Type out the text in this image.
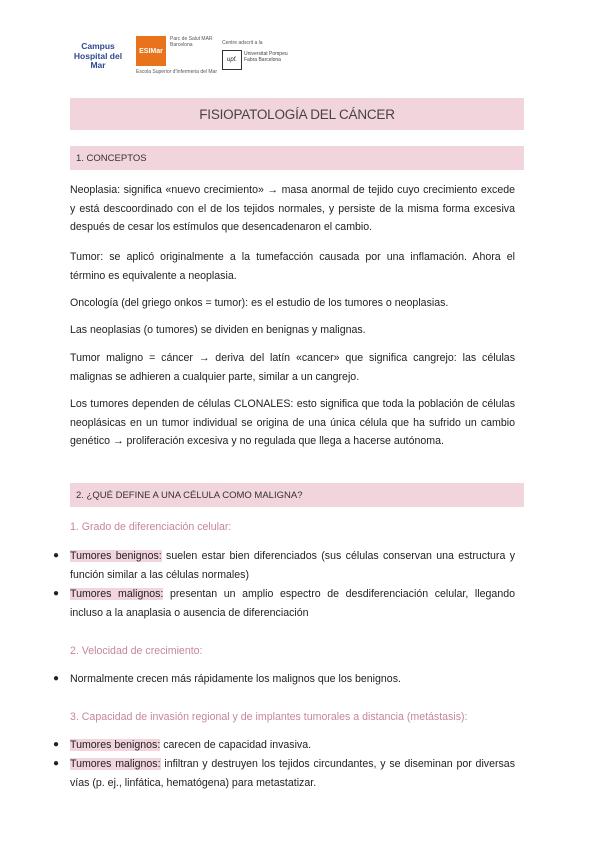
Campus Hospital del Mar
ESIMar
Parc de Salut MAR Barcelona
Escola Superior d'Infermeria del Mar
Centre adscrit a la
upf.
Universitat Pompeu Fabra Barcelona
FISIOPATOLOGÍA DEL CÁNCER
1. CONCEPTOS
Neoplasia: significa «nuevo crecimiento» → masa anormal de tejido cuyo crecimiento excede y está descoordinado con el de los tejidos normales, y persiste de la misma forma excesiva después de cesar los estímulos que desencadenaron el cambio.
Tumor: se aplicó originalmente a la tumefacción causada por una inflamación. Ahora el término es equivalente a neoplasia.
Oncología (del griego onkos = tumor): es el estudio de los tumores o neoplasias.
Las neoplasias (o tumores) se dividen en benignas y malignas.
Tumor maligno = cáncer → deriva del latín «cancer» que significa cangrejo: las células malignas se adhieren a cualquier parte, similar a un cangrejo.
Los tumores dependen de células CLONALES: esto significa que toda la población de células neoplásicas en un tumor individual se origina de una única célula que ha sufrido un cambio genético → proliferación excesiva y no regulada que llega a hacerse autónoma.
2. ¿QUÉ DEFINE A UNA CÉLULA COMO MALIGNA?
1. Grado de diferenciación celular:
● Tumores benignos: suelen estar bien diferenciados (sus células conservan una estructura y función similar a las células normales)
● Tumores malignos: presentan un amplio espectro de desdiferenciación celular, llegando incluso a la anaplasia o ausencia de diferenciación
2. Velocidad de crecimiento:
● Normalmente crecen más rápidamente los malignos que los benignos.
3. Capacidad de invasión regional y de implantes tumorales a distancia (metástasis):
● Tumores benignos: carecen de capacidad invasiva.
● Tumores malignos: infiltran y destruyen los tejidos circundantes, y se diseminan por diversas vías (p. ej., linfática, hematógena) para metastatizar.
